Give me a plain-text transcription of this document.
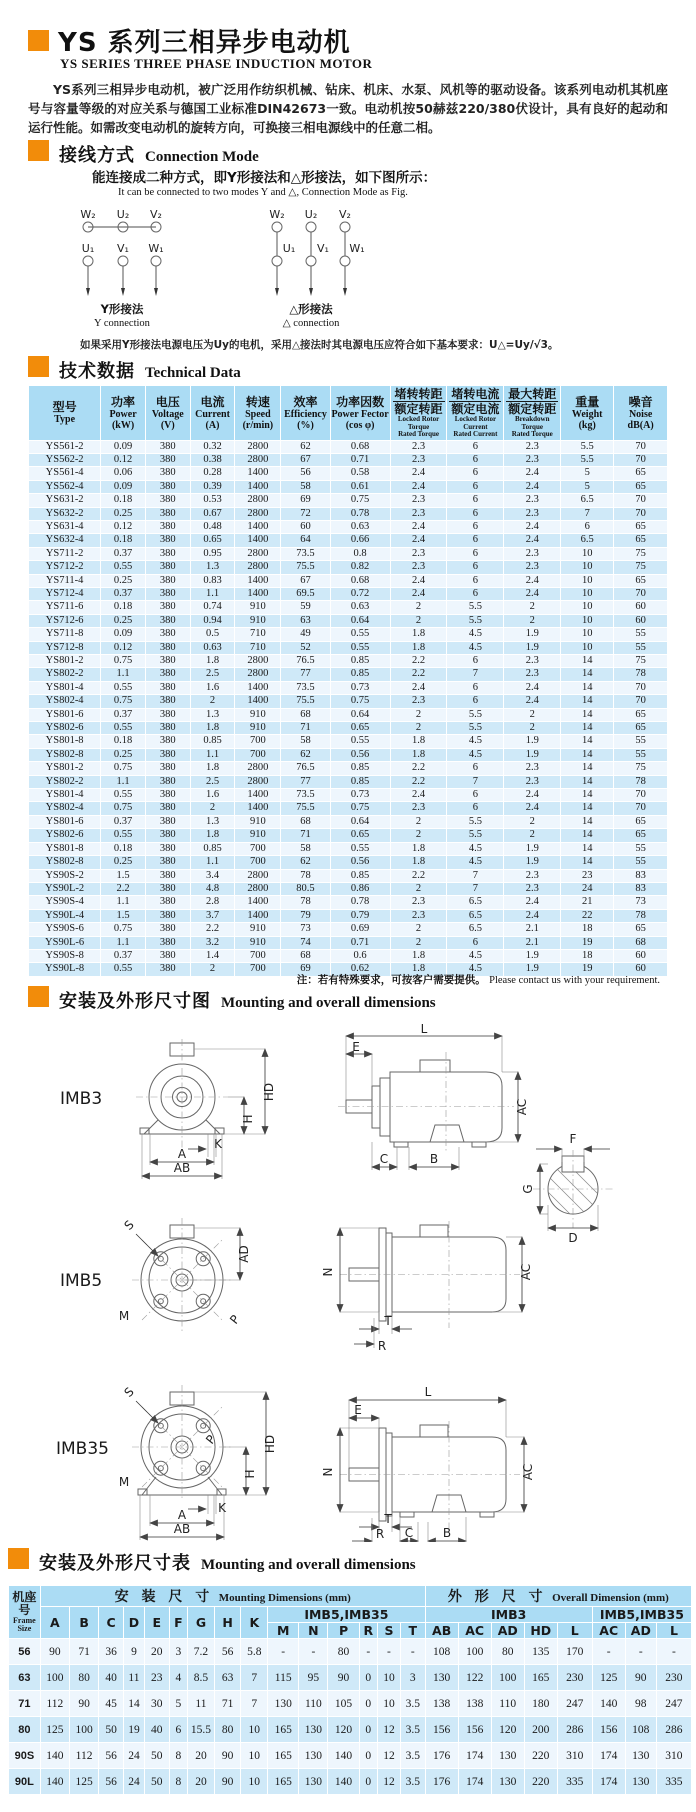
YS 系列三相异步电动机
YS SERIES THREE PHASE INDUCTION MOTOR
YS系列三相异步电动机，被广泛用作纺织机械、钻床、机床、水泵、风机等的驱动设备。该系列电动机其机座号与容量等级的对应关系与德国工业标准DIN42673一致。电动机按50赫兹220/380伏设计，具有良好的起动和运行性能。如需改变电动机的旋转方向，可换接三相电源线中的任意二相。
接线方式 Connection Mode
能连接成二种方式，即Y形接法和△形接法，如下图所示：
It can be connected to two modes Y and △, Connection Mode as Fig.
W₂ U₂ V₂
U₁ V₁ W₁
Y形接法
Y connection
W₂ U₂ V₂
U₁ V₁ W₁
△形接法
△ connection
如果采用Y形接法电源电压为Uy的电机，采用△接法时其电源电压应符合如下基本要求：U△=Uy/√3。
技术数据 Technical Data
型号
Type

功率
Power
(kW)

电压
Voltage
(V)

电流
Current
(A)

转速
Speed
(r/min)

效率
Efficiency
(%)

功率因数
Power Fector
(cos φ)

堵转转距
额定转距
Locked Rotor
Torque
Rated Torque

堵转电流
额定电流
Locked Rotor
Current
Rated Current

最大转距
额定转距
Breakdown
Torque
Rated Torque

重量
Weight
(kg)

噪音
Noise
dB(A)

YS561-2	0.09	380	0.32	2800	62	0.68	2.3	6	2.3	5.5	70
YS562-2	0.12	380	0.38	2800	67	0.71	2.3	6	2.3	5.5	70
YS561-4	0.06	380	0.28	1400	56	0.58	2.4	6	2.4	5	65
YS562-4	0.09	380	0.39	1400	58	0.61	2.4	6	2.4	5	65
YS631-2	0.18	380	0.53	2800	69	0.75	2.3	6	2.3	6.5	70
YS632-2	0.25	380	0.67	2800	72	0.78	2.3	6	2.3	7	70
YS631-4	0.12	380	0.48	1400	60	0.63	2.4	6	2.4	6	65
YS632-4	0.18	380	0.65	1400	64	0.66	2.4	6	2.4	6.5	65
YS711-2	0.37	380	0.95	2800	73.5	0.8	2.3	6	2.3	10	75
YS712-2	0.55	380	1.3	2800	75.5	0.82	2.3	6	2.3	10	75
YS711-4	0.25	380	0.83	1400	67	0.68	2.4	6	2.4	10	65
YS712-4	0.37	380	1.1	1400	69.5	0.72	2.4	6	2.4	10	70
YS711-6	0.18	380	0.74	910	59	0.63	2	5.5	2	10	60
YS712-6	0.25	380	0.94	910	63	0.64	2	5.5	2	10	60
YS711-8	0.09	380	0.5	710	49	0.55	1.8	4.5	1.9	10	55
YS712-8	0.12	380	0.63	710	52	0.55	1.8	4.5	1.9	10	55
YS801-2	0.75	380	1.8	2800	76.5	0.85	2.2	6	2.3	14	75
YS802-2	1.1	380	2.5	2800	77	0.85	2.2	7	2.3	14	78
YS801-4	0.55	380	1.6	1400	73.5	0.73	2.4	6	2.4	14	70
YS802-4	0.75	380	2	1400	75.5	0.75	2.3	6	2.4	14	70
YS801-6	0.37	380	1.3	910	68	0.64	2	5.5	2	14	65
YS802-6	0.55	380	1.8	910	71	0.65	2	5.5	2	14	65
YS801-8	0.18	380	0.85	700	58	0.55	1.8	4.5	1.9	14	55
YS802-8	0.25	380	1.1	700	62	0.56	1.8	4.5	1.9	14	55
YS801-2	0.75	380	1.8	2800	76.5	0.85	2.2	6	2.3	14	75
YS802-2	1.1	380	2.5	2800	77	0.85	2.2	7	2.3	14	78
YS801-4	0.55	380	1.6	1400	73.5	0.73	2.4	6	2.4	14	70
YS802-4	0.75	380	2	1400	75.5	0.75	2.3	6	2.4	14	70
YS801-6	0.37	380	1.3	910	68	0.64	2	5.5	2	14	65
YS802-6	0.55	380	1.8	910	71	0.65	2	5.5	2	14	65
YS801-8	0.18	380	0.85	700	58	0.55	1.8	4.5	1.9	14	55
YS802-8	0.25	380	1.1	700	62	0.56	1.8	4.5	1.9	14	55
YS90S-2	1.5	380	3.4	2800	78	0.85	2.2	7	2.3	23	83
YS90L-2	2.2	380	4.8	2800	80.5	0.86	2	7	2.3	24	83
YS90S-4	1.1	380	2.8	1400	78	0.78	2.3	6.5	2.4	21	73
YS90L-4	1.5	380	3.7	1400	79	0.79	2.3	6.5	2.4	22	78
YS90S-6	0.75	380	2.2	910	73	0.69	2	6.5	2.1	18	65
YS90L-6	1.1	380	3.2	910	74	0.71	2	6	2.1	19	68
YS90S-8	0.37	380	1.4	700	68	0.6	1.8	4.5	1.9	18	60
YS90L-8	0.55	380	2	700	69	0.62	1.8	4.5	1.9	19	60
注：若有特殊要求，可按客户需要提供。 Please contact us with your requirement.
安装及外形尺寸图 Mounting and overall dimensions
IMB3
K
A
AB
HD
H
L
E
AC
C	B
F
G
D
IMB5
S
AD
M	P
N	AC
T
R
IMB35
S
HD
H
P
M
K
A
AB
L
E
N	AC
T
R C B
安装及外形尺寸表 Mounting and overall dimensions
机座号
Frame Size	安 装 尺 寸 Mounting Dimensions (mm)															外 形 尺 寸 Overall Dimension (mm)							
	A	B	C	D	E	F	G	H	K	IMB5,IMB35						IMB3					IMB5,IMB35		
										M	N	P	R	S	T	AB	AC	AD	HD	L	AC	AD	L
56	90	71	36	9	20	3	7.2	56	5.8	-	-	80	-	-	-	108	100	80	135	170	-	-	-
63	100	80	40	11	23	4	8.5	63	7	115	95	90	0	10	3	130	122	100	165	230	125	90	230
71	112	90	45	14	30	5	11	71	7	130	110	105	0	10	3.5	138	138	110	180	247	140	98	247
80	125	100	50	19	40	6	15.5	80	10	165	130	120	0	12	3.5	156	156	120	200	286	156	108	286
90S	140	112	56	24	50	8	20	90	10	165	130	140	0	12	3.5	176	174	130	220	310	174	130	310
90L	140	125	56	24	50	8	20	90	10	165	130	140	0	12	3.5	176	174	130	220	335	174	130	335
